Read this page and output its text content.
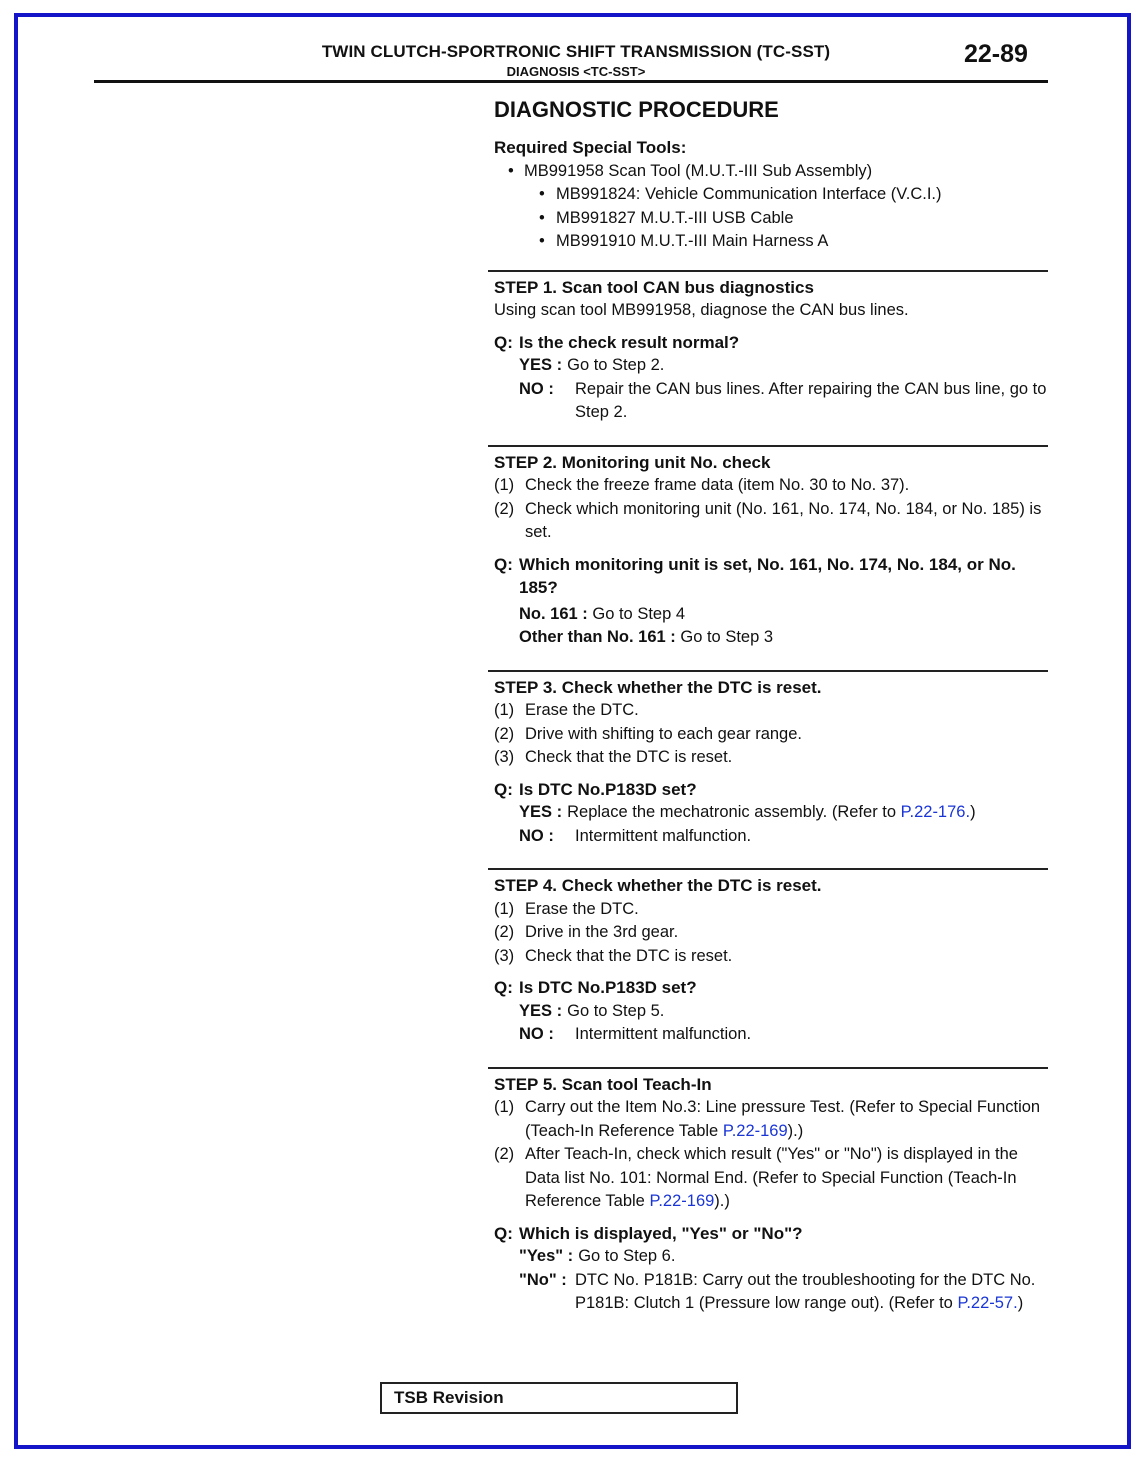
TWIN CLUTCH-SPORTRONIC SHIFT TRANSMISSION (TC-SST)
DIAGNOSIS <TC-SST>
22-89
DIAGNOSTIC PROCEDURE
Required Special Tools:
• MB991958 Scan Tool (M.U.T.-III Sub Assembly)
• MB991824: Vehicle Communication Interface (V.C.I.)
• MB991827 M.U.T.-III USB Cable
• MB991910 M.U.T.-III Main Harness A
STEP 1. Scan tool CAN bus diagnostics
Using scan tool MB991958, diagnose the CAN bus lines.
Q: Is the check result normal?
YES : Go to Step 2.
NO :	Repair the CAN bus lines. After repairing the CAN bus line, go to Step 2.
STEP 2. Monitoring unit No. check
(1) Check the freeze frame data (item No. 30 to No. 37).
(2) Check which monitoring unit (No. 161, No. 174, No. 184, or No. 185) is set.
Q: Which monitoring unit is set, No. 161, No. 174, No. 184, or No. 185?
No. 161 : Go to Step 4
Other than No. 161 : Go to Step 3
STEP 3. Check whether the DTC is reset.
(1) Erase the DTC.
(2) Drive with shifting to each gear range.
(3) Check that the DTC is reset.
Q: Is DTC No.P183D set?
YES : Replace the mechatronic assembly. (Refer to P.22-176.)
NO :	Intermittent malfunction.
STEP 4. Check whether the DTC is reset.
(1) Erase the DTC.
(2) Drive in the 3rd gear.
(3) Check that the DTC is reset.
Q: Is DTC No.P183D set?
YES : Go to Step 5.
NO :	Intermittent malfunction.
STEP 5. Scan tool Teach-In
(1) Carry out the Item No.3: Line pressure Test. (Refer to Special Function (Teach-In Reference Table P.22-169).)
(2) After Teach-In, check which result ("Yes" or "No") is displayed in the Data list No. 101: Normal End. (Refer to Special Function (Teach-In Reference Table P.22-169).)
Q: Which is displayed, "Yes" or "No"?
"Yes" : Go to Step 6.
"No" : DTC No. P181B: Carry out the troubleshooting for the DTC No. P181B: Clutch 1 (Pressure low range out). (Refer to P.22-57.)
TSB Revision
